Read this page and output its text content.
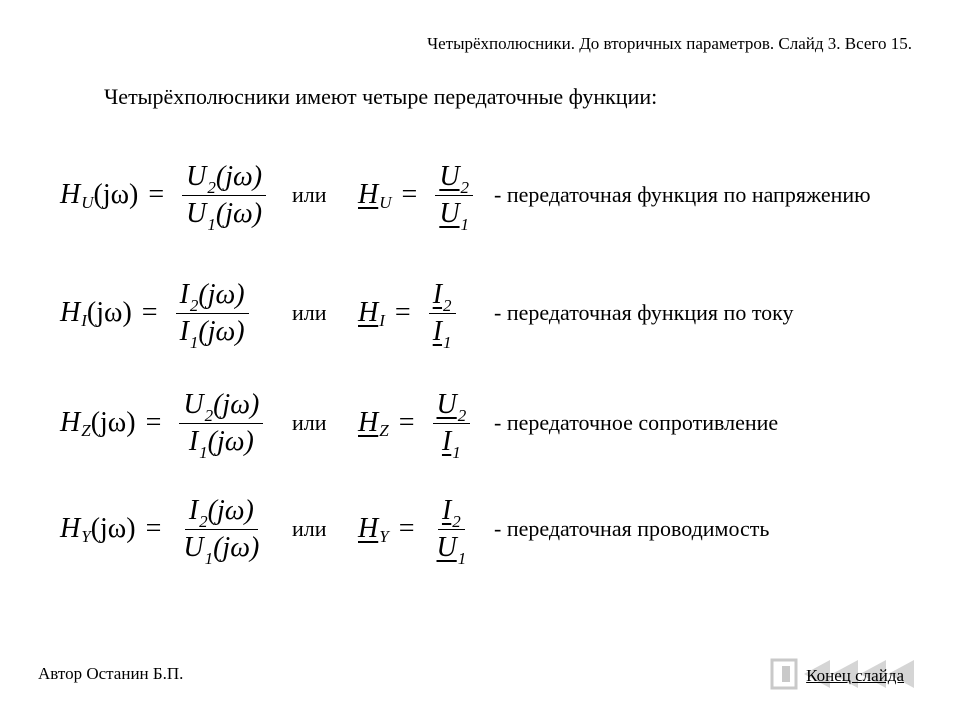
Четырёхполюсники. До вторичных параметров. Слайд 3. Всего 15.
Четырёхполюсники имеют четыре передаточные функции:
H U $(j\omega) = \frac{U_2(j\omega)}{U_1(j\omega)}$ или H $U = \frac{U_2}{U_1}$ - передаточная функция по напряжению
H I $(j\omega) = \frac{I_2(j\omega)}{I_1(j\omega)}$ или H $I = \frac{I_2}{I_1}$ - передаточная функция по току
H Z $(j\omega) = \frac{U_2(j\omega)}{I_1(j\omega)}$ или H $Z = \frac{U_2}{I_1}$ - передаточное сопротивление
H Y $(j\omega) = \frac{I_2(j\omega)}{U_1(j\omega)}$ или H $Y = \frac{I_2}{U_1}$ - передаточная проводимость
Автор Останин Б.П.	Конец слайда
